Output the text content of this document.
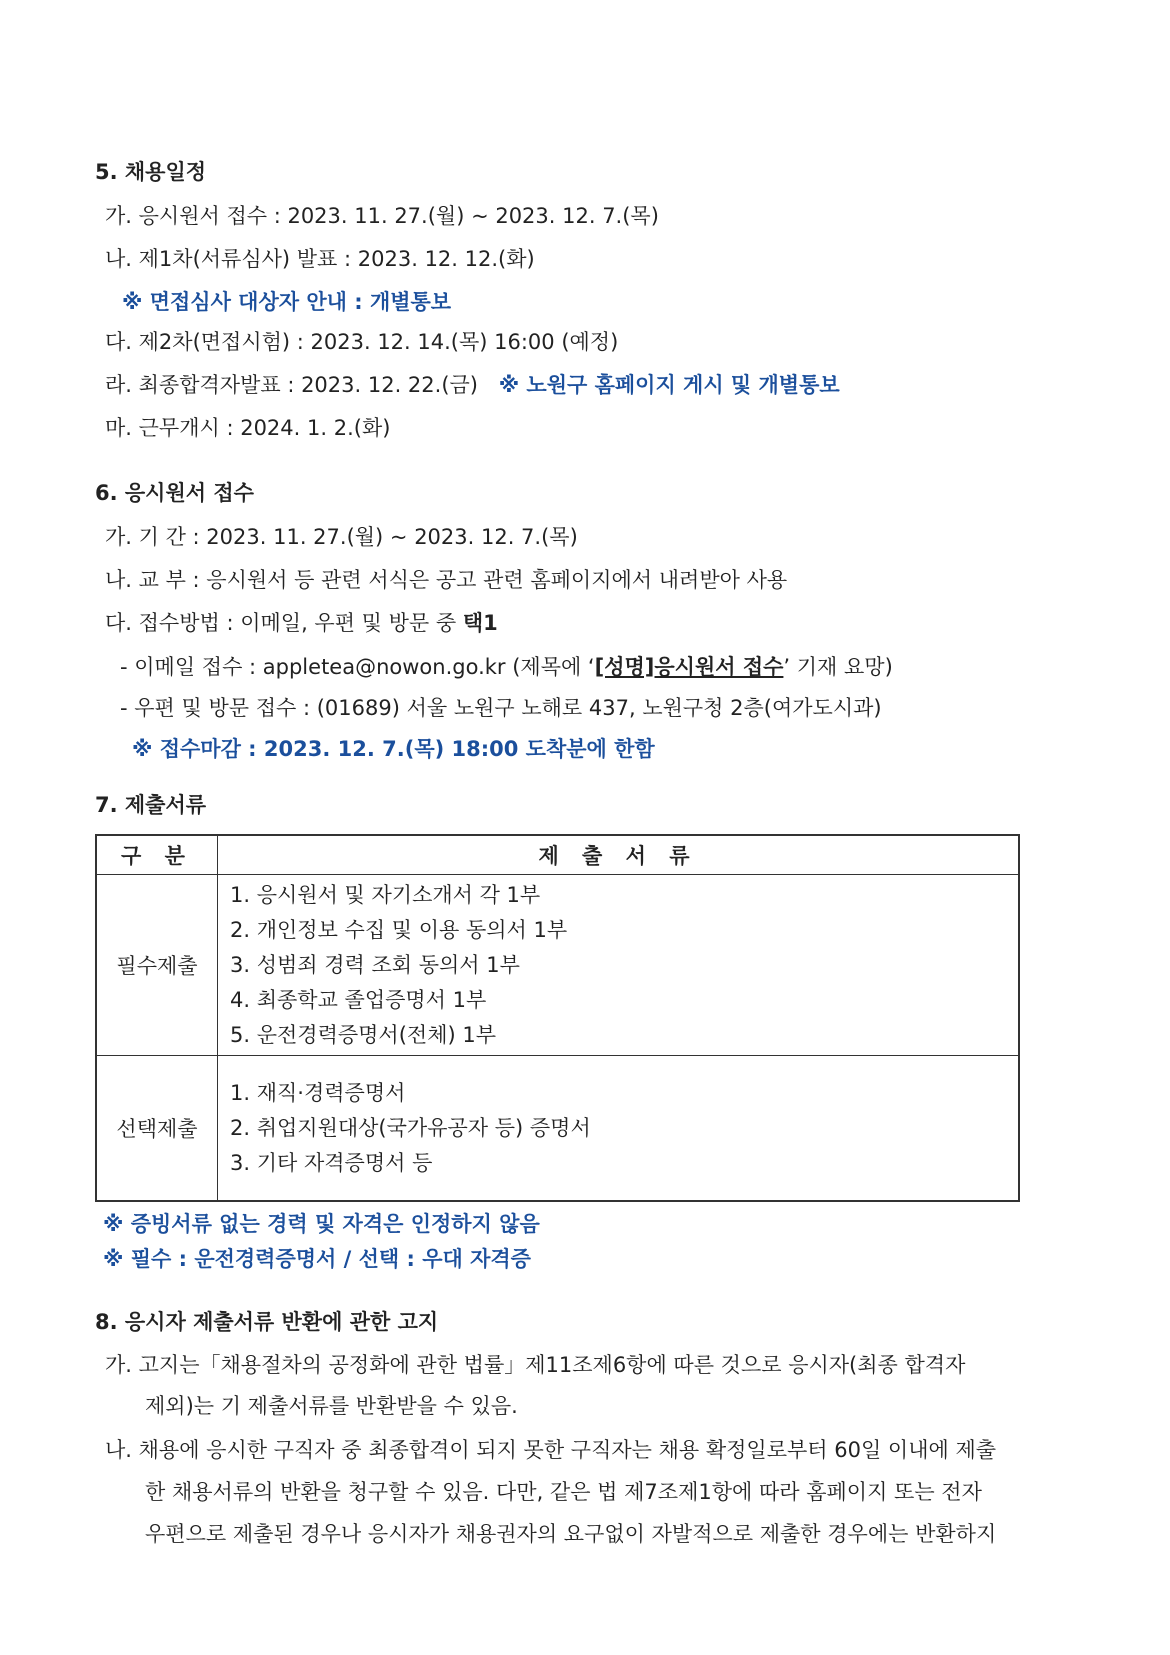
5. 채용일정
가. 응시원서 접수 : 2023. 11. 27.(월) ~ 2023. 12. 7.(목)
나. 제1차(서류심사) 발표 : 2023. 12. 12.(화)
※ 면접심사 대상자 안내 : 개별통보
다. 제2차(면접시험) : 2023. 12. 14.(목) 16:00 (예정)
라. 최종합격자발표 : 2023. 12. 22.(금) ※ 노원구 홈페이지 게시 및 개별통보
마. 근무개시 : 2024. 1. 2.(화)
6. 응시원서 접수
가. 기 간 : 2023. 11. 27.(월) ~ 2023. 12. 7.(목)
나. 교 부 : 응시원서 등 관련 서식은 공고 관련 홈페이지에서 내려받아 사용
다. 접수방법 : 이메일, 우편 및 방문 중 택1
- 이메일 접수 : appletea@nowon.go.kr (제목에 ‘[성명]응시원서 접수’ 기재 요망)
- 우편 및 방문 접수 : (01689) 서울 노원구 노해로 437, 노원구청 2층(여가도시과)
※ 접수마감 : 2023. 12. 7.(목) 18:00 도착분에 한함
7. 제출서류
구 분	제 출 서 류
필수제출	1. 응시원서 및 자기소개서 각 1부
2. 개인정보 수집 및 이용 동의서 1부
3. 성범죄 경력 조회 동의서 1부
4. 최종학교 졸업증명서 1부
5. 운전경력증명서(전체) 1부

선택제출	1. 재직·경력증명서
2. 취업지원대상(국가유공자 등) 증명서
3. 기타 자격증명서 등
※ 증빙서류 없는 경력 및 자격은 인정하지 않음
※ 필수 : 운전경력증명서 / 선택 : 우대 자격증
8. 응시자 제출서류 반환에 관한 고지
가. 고지는「채용절차의 공정화에 관한 법률」제11조제6항에 따른 것으로 응시자(최종 합격자
제외)는 기 제출서류를 반환받을 수 있음.
나. 채용에 응시한 구직자 중 최종합격이 되지 못한 구직자는 채용 확정일로부터 60일 이내에 제출
한 채용서류의 반환을 청구할 수 있음. 다만, 같은 법 제7조제1항에 따라 홈페이지 또는 전자
우편으로 제출된 경우나 응시자가 채용권자의 요구없이 자발적으로 제출한 경우에는 반환하지
